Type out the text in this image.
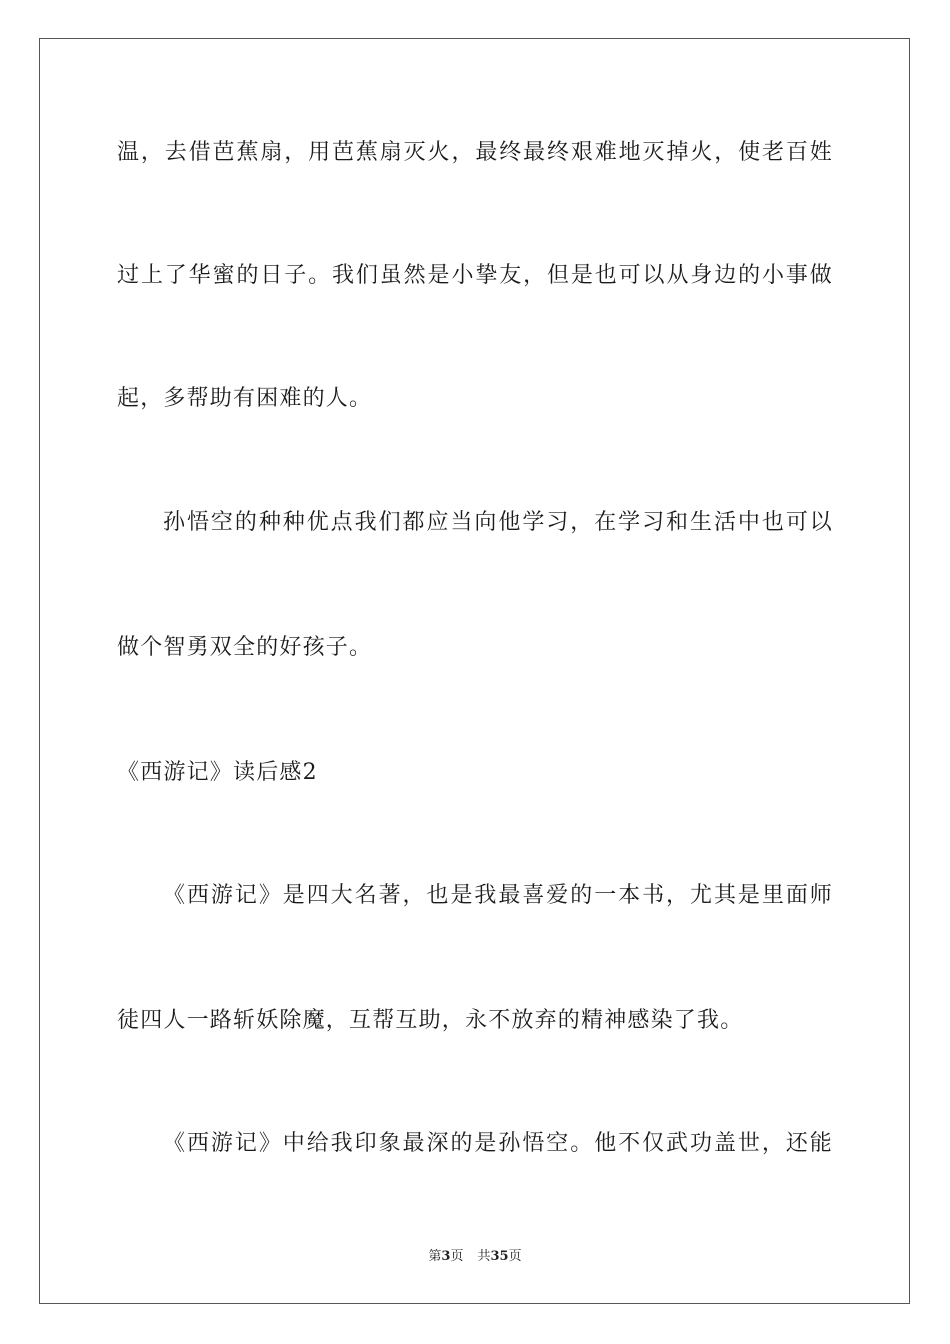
温，去借芭蕉扇，用芭蕉扇灭火，最终最终艰难地灭掉火，使老百姓
过上了华蜜的日子。我们虽然是小挚友，但是也可以从身边的小事做
起，多帮助有困难的人。
孙悟空的种种优点我们都应当向他学习，在学习和生活中也可以
做个智勇双全的好孩子。
《西游记》读后感2
《西游记》是四大名著，也是我最喜爱的一本书，尤其是里面师
徒四人一路斩妖除魔，互帮互助，永不放弃的精神感染了我。
《西游记》中给我印象最深的是孙悟空。他不仅武功盖世，还能
第3页 共35页
